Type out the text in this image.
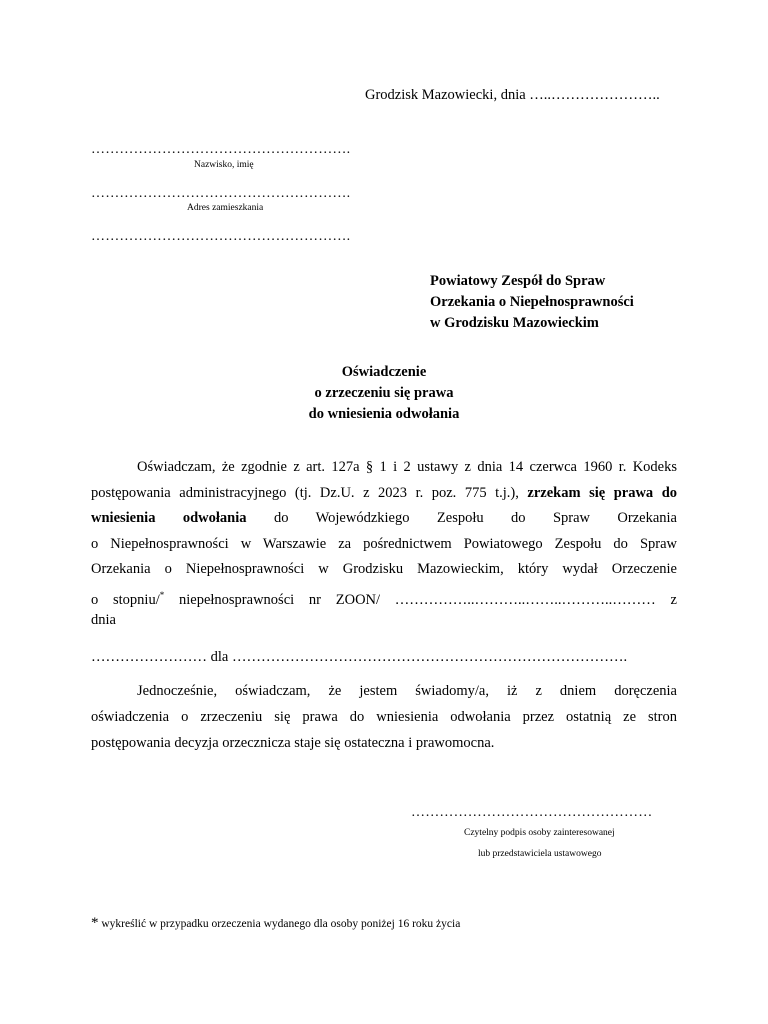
Grodzisk Mazowiecki, dnia …..…………………..
……………………………………………….
Nazwisko, imię
……………………………………………….
Adres zamieszkania
……………………………………………….
Powiatowy Zespół do Spraw
Orzekania o Niepełnosprawności
w Grodzisku Mazowieckim
Oświadczenie
o zrzeczeniu się prawa
do wniesienia odwołania
Oświadczam, że zgodnie z art. 127a § 1 i 2 ustawy z dnia 14 czerwca 1960 r. Kodeks
postępowania administracyjnego (tj. Dz.U. z 2023 r. poz. 775 t.j.), zrzekam się prawa do
wniesienia odwołania do Wojewódzkiego Zespołu do Spraw Orzekania
o Niepełnosprawności w Warszawie za pośrednictwem Powiatowego Zespołu do Spraw
Orzekania o Niepełnosprawności w Grodzisku Mazowieckim, który wydał Orzeczenie
o stopniu/* niepełnosprawności nr ZOON/ ……………..………..……..………..……… z
dnia
…………………… dla ……………………………………………………………………….
Jednocześnie, oświadczam, że jestem świadomy/a, iż z dniem doręczenia
oświadczenia o zrzeczeniu się prawa do wniesienia odwołania przez ostatnią ze stron
postępowania decyzja orzecznicza staje się ostateczna i prawomocna.
……………………………………………
Czytelny podpis osoby zainteresowanej
lub przedstawiciela ustawowego
* wykreślić w przypadku orzeczenia wydanego dla osoby poniżej 16 roku życia
